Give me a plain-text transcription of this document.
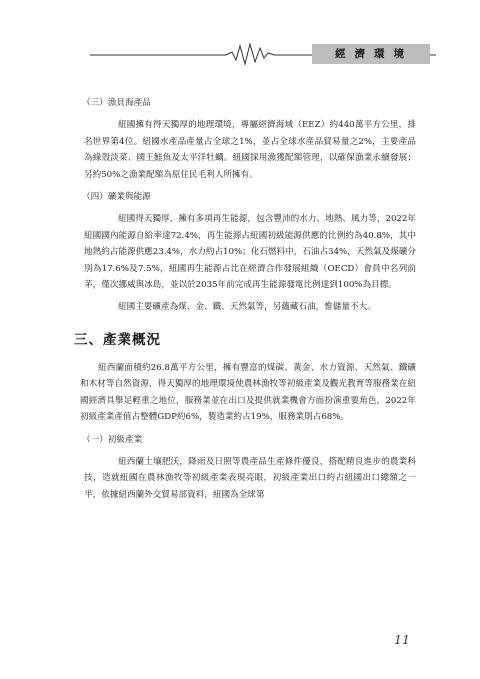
經濟環境

（三）漁貝海產品

紐國擁有得天獨厚的地理環境，專屬經濟海域（EEZ）約440萬平方公里，排名世界第4位。紐國水產品產量占全球之1%，並占全球水產品貿易量之2%，主要產品為綠殼淡菜、國王鮭魚及太平洋牡蠣。紐國採用漁獲配額管理，以確保漁業永續發展；另約50%之漁業配額為原住民毛利人所擁有。

（四）礦業與能源

紐國得天獨厚，擁有多項再生能源，包含豐沛的水力、地熱、風力等，2022年紐國國內能源自給率達72.4%，再生能源占紐國初級能源供應的比例約為40.8%，其中地熱約占能源供應23.4%，水力約占10%；化石燃料中，石油占34%，天然氣及煤礦分別為17.6%及7.5%，紐國再生能源占比在經濟合作發展組織（OECD）會員中名列前茅，僅次挪威與冰島，並以於2035年前完成再生能源發電比例達到100%為目標。

紐國主要礦產為煤、金、鐵、天然氣等，另蘊藏石油，惟儲量不大。

三、產業概況

紐西蘭面積約26.8萬平方公里，擁有豐富的煤碳、黃金、水力資源、天然氣、鐵礦和木材等自然資源，得天獨厚的地理環境使農林漁牧等初級產業及觀光教育等服務業在紐國經濟具舉足輕重之地位，服務業並在出口及提供就業機會方面扮演重要角色，2022年初級產業產值占整體GDP約6%，製造業約占19%，服務業則占68%。

（一）初級產業

紐西蘭土壤肥沃，降雨及日照等農產品生產條件優良，搭配精良進步的農業科技，造就紐國在農林漁牧等初級產業表現亮眼，初級產業出口約占紐國出口總額之一半，依據紐西蘭外交貿易部資料，紐國為全球第

11
